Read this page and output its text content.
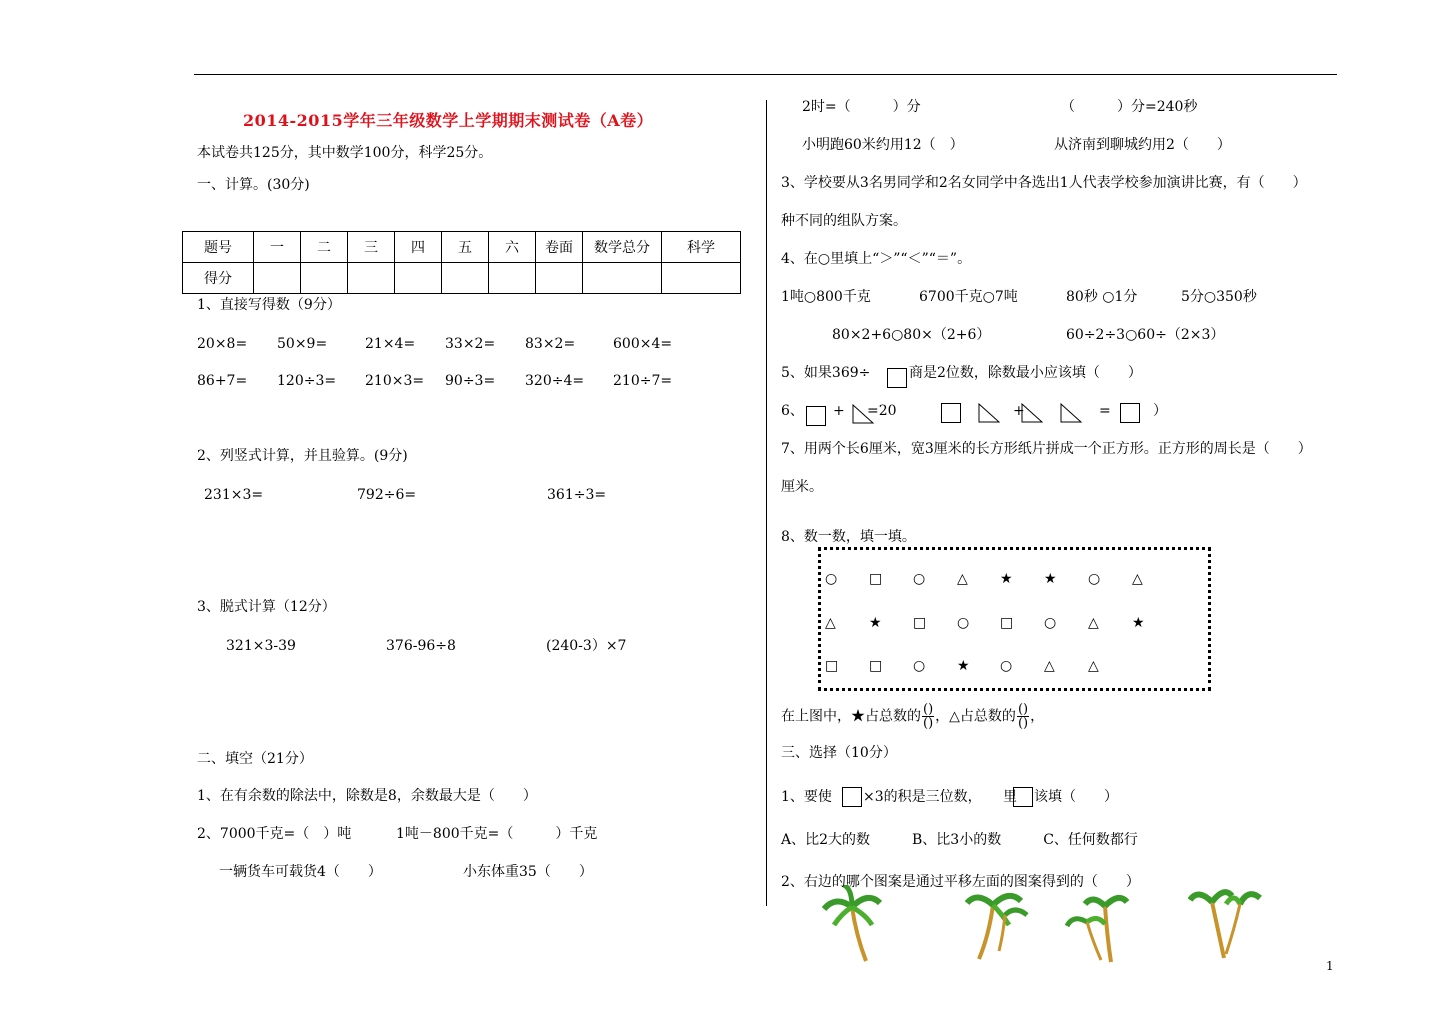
2014-2015学年三年级数学上学期期末测试卷（A卷）
本试卷共125分，其中数学100分，科学25分。
一、计算。(30分)
题号	一	二	三	四	五	六	卷面	数学总分	科学
得分									
1、直接写得数（9分）
20×8= 50×9=	21×4= 33×2= 83×2=	600×4=
86+7= 120÷3= 210×3= 90÷3= 320÷4= 210÷7=
2、列竖式计算，并且验算。(9分)
231×3=	792÷6=	361÷3=
3、脱式计算（12分）
321×3-39	376-96÷8	(240-3）×7
二、填空（21分）
1、在有余数的除法中，除数是8，余数最大是（　　）
2、7000千克=（　）吨	1吨－800千克=（　　　）千克
一辆货车可载货4（　　）	小东体重35（　　）
2时=（　　　）分	（　　　）分=240秒
小明跑60米约用12（　）	从济南到聊城约用2（　　）
3、学校要从3名男同学和2名女同学中各选出1人代表学校参加演讲比赛，有（　　）
种不同的组队方案。
4、在○里填上“＞”“＜”“＝”。
1吨○800千克	6700千克○7吨	80秒 ○1分	5分○350秒
80×2+6○80×（2+6）	60÷2÷3○60÷（2×3）
5、如果369÷	商是2位数，除数最小应该填（　　）
6、 + =20	+	=	）
7、用两个长6厘米，宽3厘米的长方形纸片拼成一个正方形。正方形的周长是（　　）
厘米。
8、数一数，填一填。
○ □ ○ △ ★ ★ ○ △
△ ★ □ ○ □ ○ △ ★
□ □ ○ ★ ○ △ △
在上图中，★占总数的 $\frac{()}{()}$ ，△占总数的 $\frac{()}{()}$ ，
三、选择（10分）
1、要使 ×3的积是三位数， 里 该填（　　）
A、比2大的数　　　B、比3小的数　　　C、任何数都行
2、右边的哪个图案是通过平移左面的图案得到的（　　）
1
